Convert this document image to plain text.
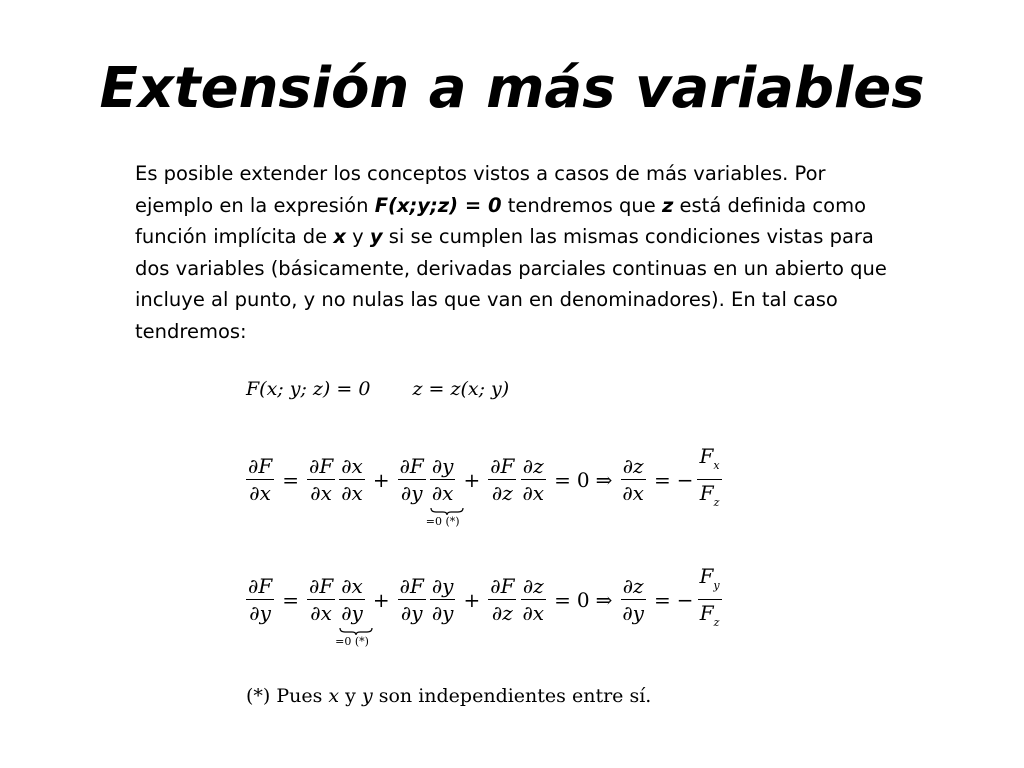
Extensión a más variables
Es posible extender los conceptos vistos a casos de más variables. Por ejemplo en la expresión F(x;y;z) = 0 tendremos que z está definida como función implícita de x y y si se cumplen las mismas condiciones vistas para dos variables (básicamente, derivadas parciales continuas en un abierto que incluye al punto, y no nulas las que van en denominadores). En tal caso tendremos:
F(x; y; z) = 0 z = z(x; y)
$\frac{\partial F}{\partial x} = \frac{\partial F}{\partial x} \frac{\partial x}{\partial x} + \frac{\partial F}{\partial y} \partial y$
∂x
=0 (*)
+ $\frac{\partial F}{\partial z} \frac{\partial z}{\partial x} = 0$ ⇒ $\frac{\partial z}{\partial x}$ = − $\frac{F_x}{F_z}$
$\frac{\partial F}{\partial y} = \frac{\partial F}{\partial x} \partial x$
∂y
=0 (*)
+ $\frac{\partial F}{\partial y} \frac{\partial y}{\partial y} + \frac{\partial F}{\partial z} \frac{\partial z}{\partial x} = 0$ ⇒ $\frac{\partial z}{\partial y}$ = − $\frac{F_y}{F_z}$
(*) Pues x y y son independientes entre sí.
